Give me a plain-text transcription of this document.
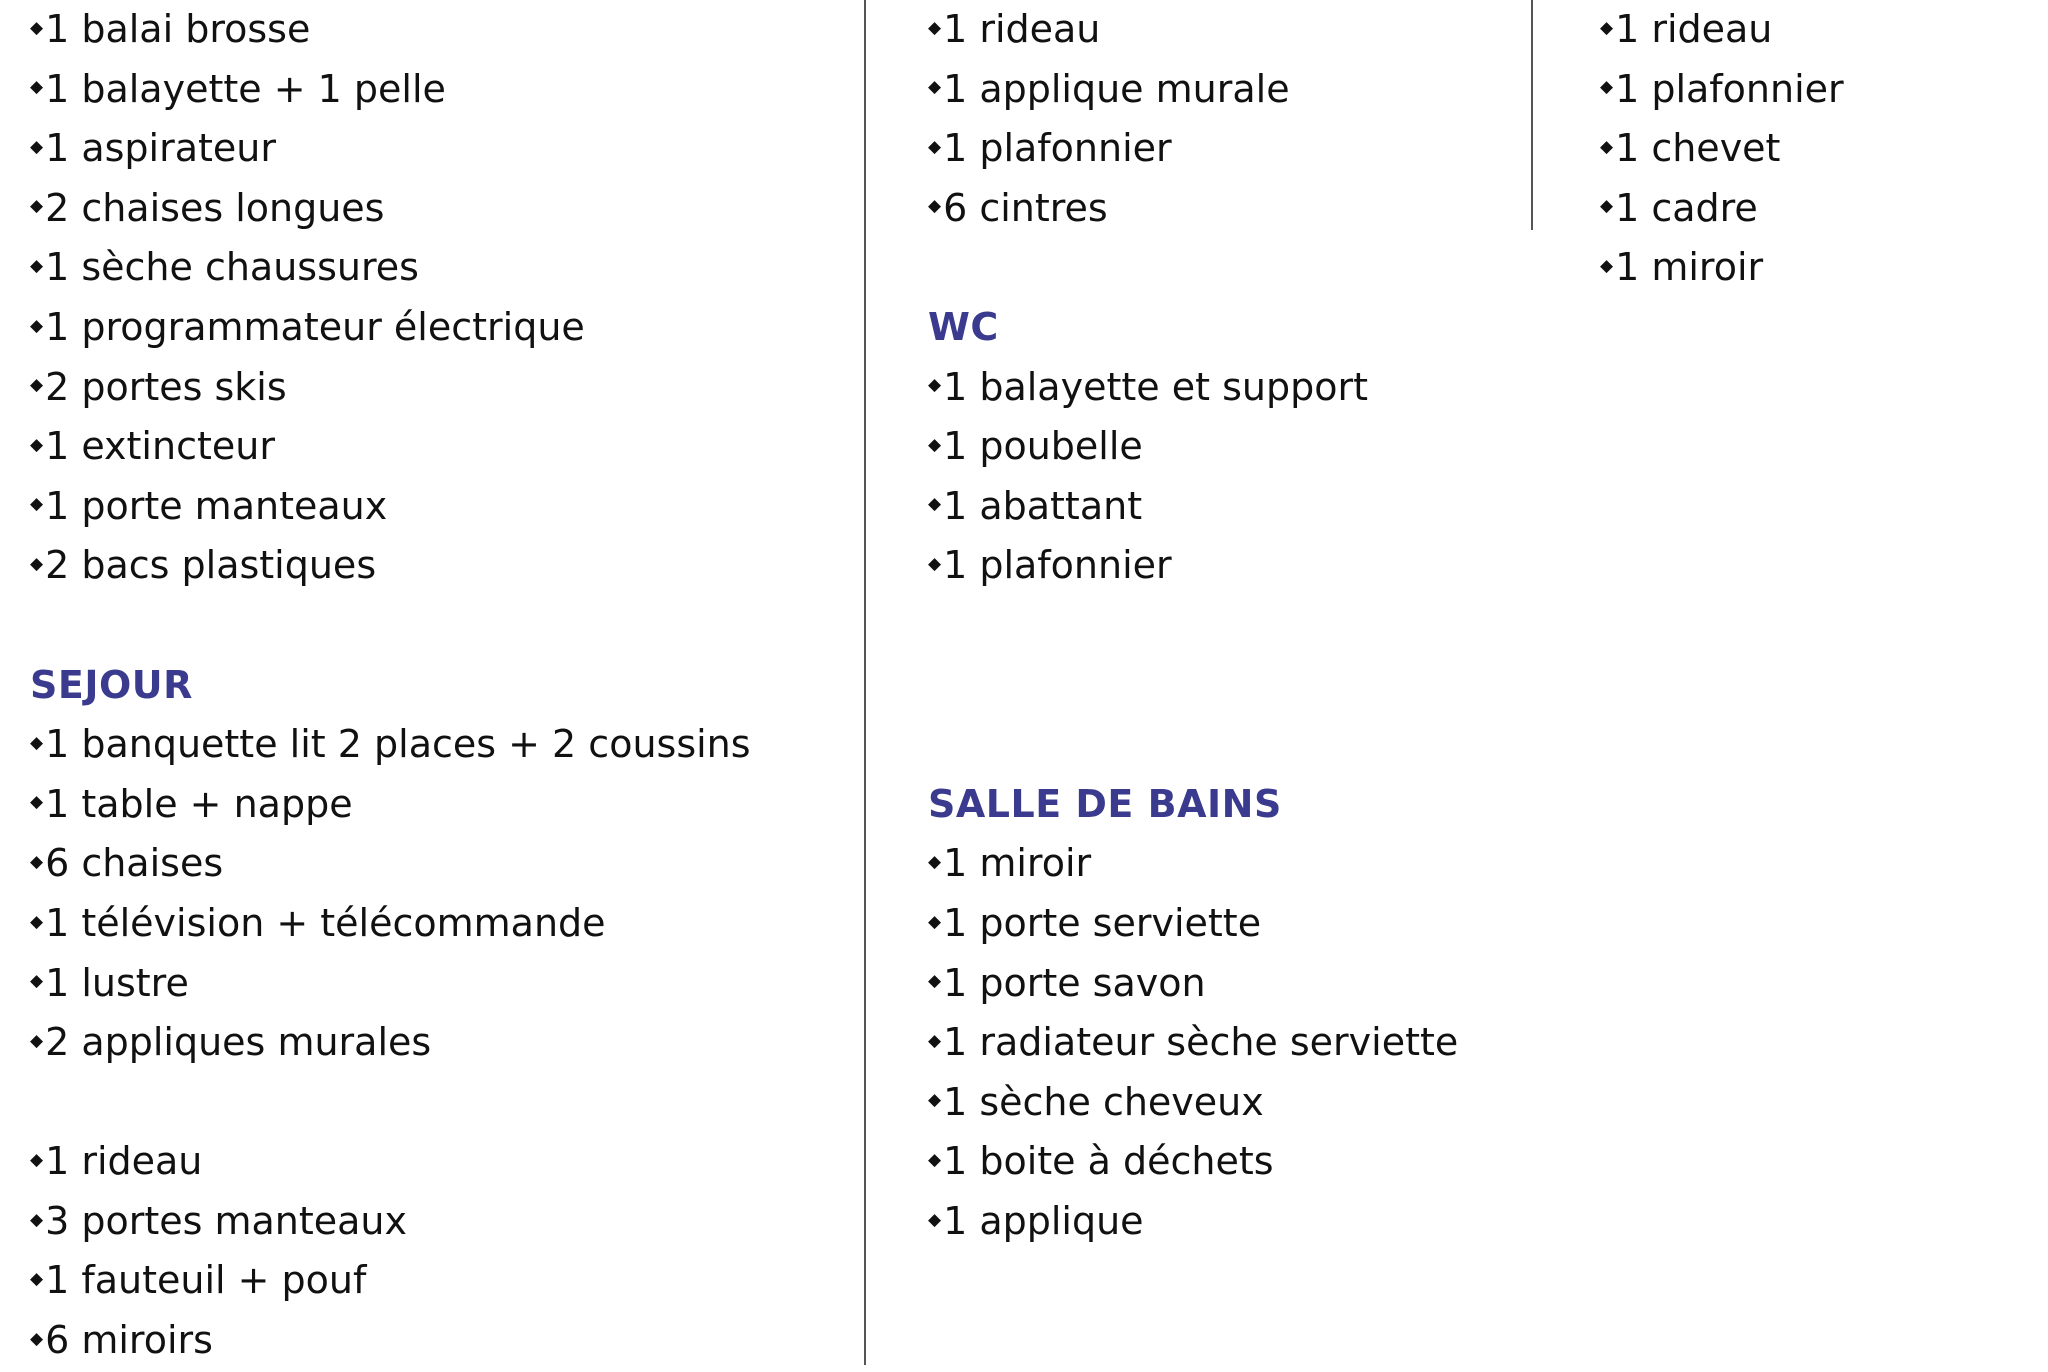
◆ 1 balai brosse
◆ 1 balayette + 1 pelle
◆ 1 aspirateur
◆ 2 chaises longues
◆ 1 sèche chaussures
◆ 1 programmateur électrique
◆ 2 portes skis
◆ 1 extincteur
◆ 1 porte manteaux
◆ 2 bacs plastiques
SEJOUR
◆ 1 banquette lit 2 places + 2 coussins
◆ 1 table + nappe
◆ 6 chaises
◆ 1 télévision + télécommande
◆ 1 lustre
◆ 2 appliques murales
◆ 1 rideau
◆ 3 portes manteaux
◆ 1 fauteuil + pouf
◆ 6 miroirs
◆ 1 rideau
◆ 1 applique murale
◆ 1 plafonnier
◆ 6 cintres
WC
◆ 1 balayette et support
◆ 1 poubelle
◆ 1 abattant
◆ 1 plafonnier
SALLE DE BAINS
◆ 1 miroir
◆ 1 porte serviette
◆ 1 porte savon
◆ 1 radiateur sèche serviette
◆ 1 sèche cheveux
◆ 1 boite à déchets
◆ 1 applique
◆ 1 rideau
◆ 1 plafonnier
◆ 1 chevet
◆ 1 cadre
◆ 1 miroir
